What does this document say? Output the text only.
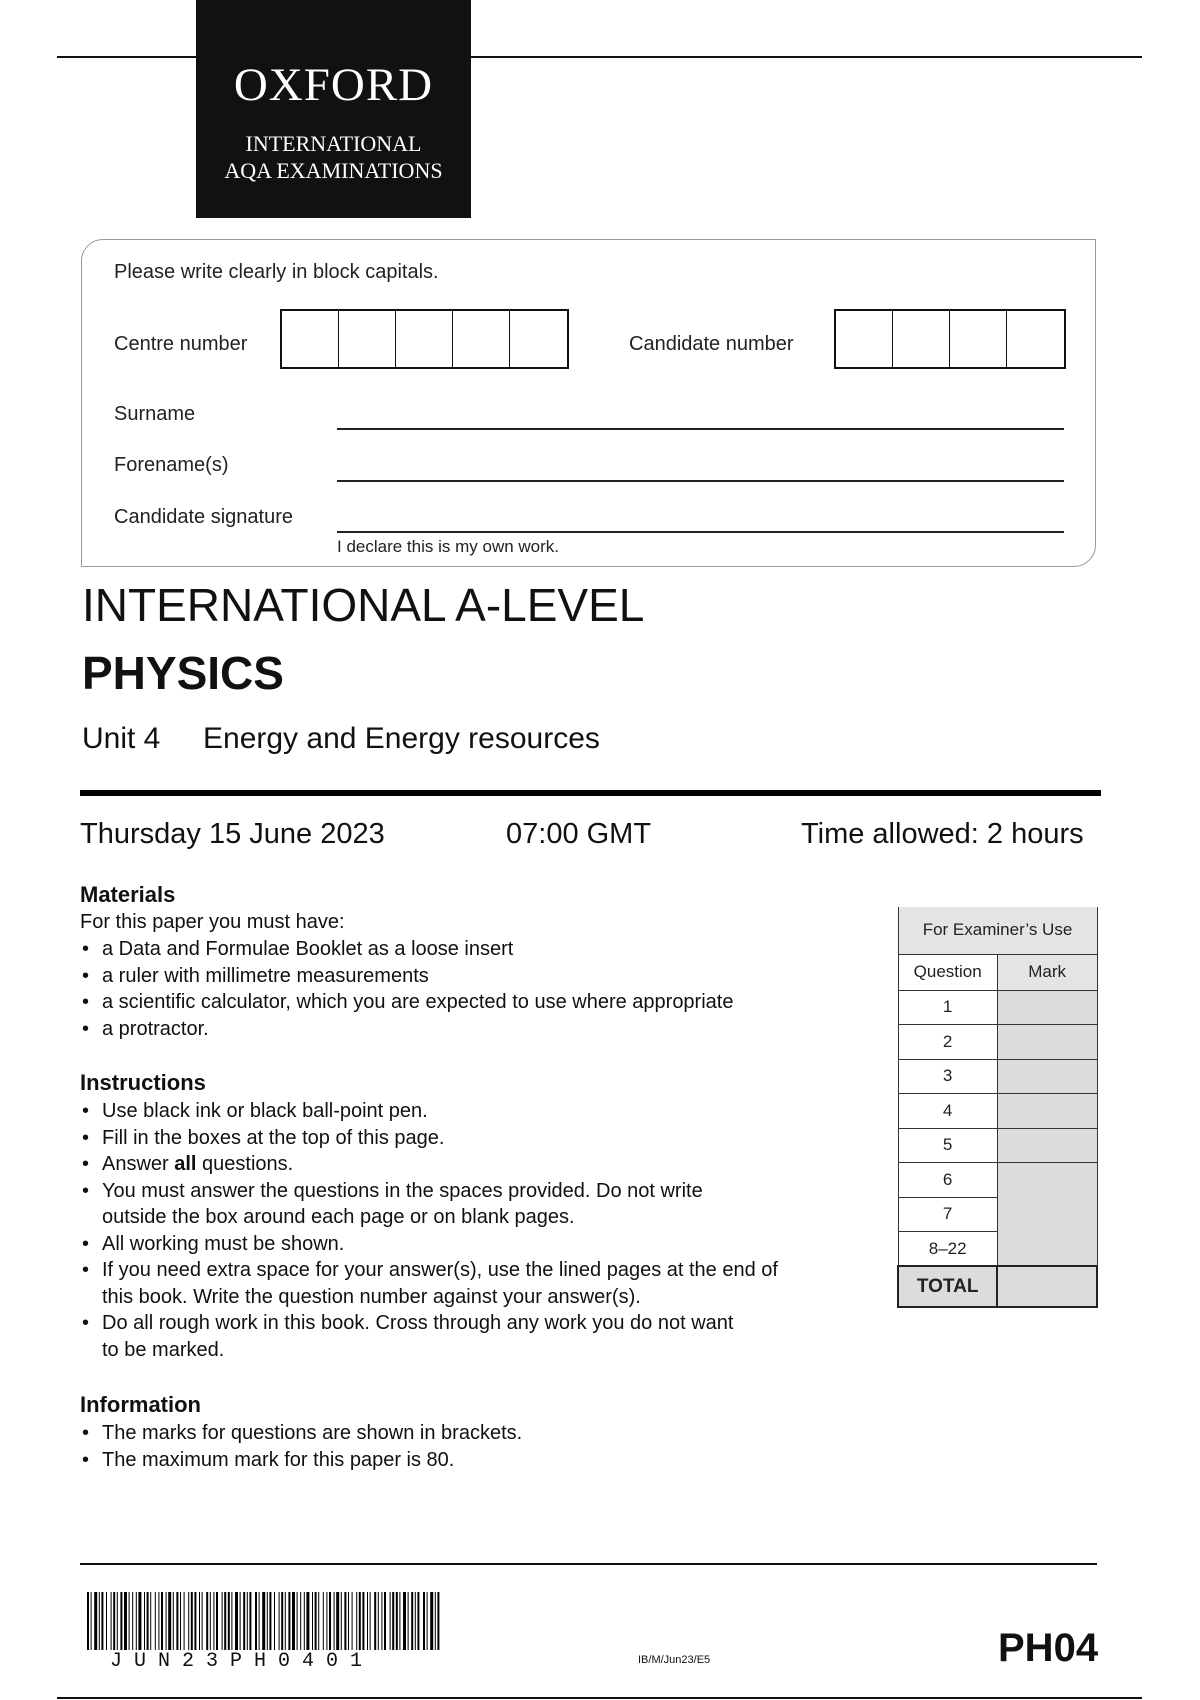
OXFORD
INTERNATIONAL
AQA EXAMINATIONS
Please write clearly in block capitals.
Centre number	Candidate number
Surname
Forename(s)
Candidate signature
I declare this is my own work.
INTERNATIONAL A-LEVEL
PHYSICS
Unit 4 Energy and Energy resources
Thursday 15 June 2023	07:00 GMT	Time allowed: 2 hours
Materials
For this paper you must have:
• a Data and Formulae Booklet as a loose insert
• a ruler with millimetre measurements
• a scientific calculator, which you are expected to use where appropriate
• a protractor.
Instructions
• Use black ink or black ball-point pen.
• Fill in the boxes at the top of this page.
• Answer all questions.
• You must answer the questions in the spaces provided. Do not write
outside the box around each page or on blank pages.
• All working must be shown.
• If you need extra space for your answer(s), use the lined pages at the end of
this book. Write the question number against your answer(s).
• Do all rough work in this book. Cross through any work you do not want
to be marked.
Information
• The marks for questions are shown in brackets.
• The maximum mark for this paper is 80.
For Examiner’s Use	
Question	Mark
1	
2	
3	
4	
5	
6	
7	
8–22	
TOTAL	
JUN23PH0401	IB/M/Jun23/E5	PH04
